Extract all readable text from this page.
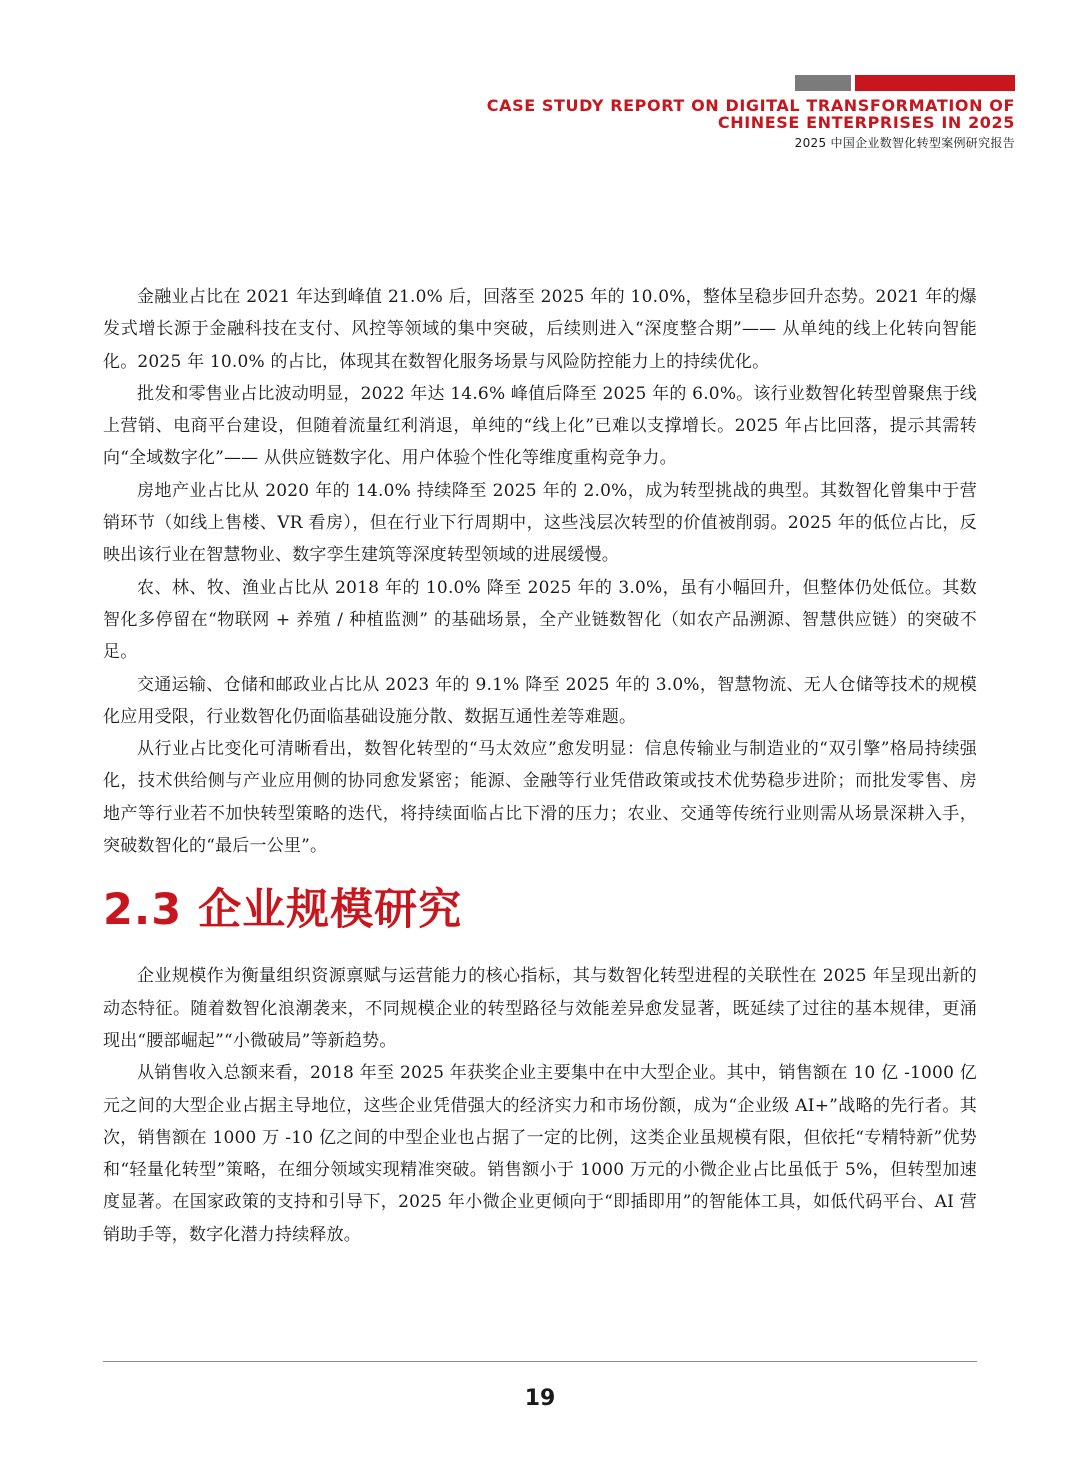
CASE STUDY REPORT ON DIGITAL TRANSFORMATION OF
CHINESE ENTERPRISES IN 2025
2025 中国企业数智化转型案例研究报告

金融业占比在 2021 年达到峰值 21.0% 后，回落至 2025 年的 10.0%，整体呈稳步回升态势。2021 年的爆发式增长源于金融科技在支付、风控等领域的集中突破，后续则进入“深度整合期”—— 从单纯的线上化转向智能化。2025 年 10.0% 的占比，体现其在数智化服务场景与风险防控能力上的持续优化。

批发和零售业占比波动明显，2022 年达 14.6% 峰值后降至 2025 年的 6.0%。该行业数智化转型曾聚焦于线上营销、电商平台建设，但随着流量红利消退，单纯的“线上化”已难以支撑增长。2025 年占比回落，提示其需转向“全域数字化”—— 从供应链数字化、用户体验个性化等维度重构竞争力。

房地产业占比从 2020 年的 14.0% 持续降至 2025 年的 2.0%，成为转型挑战的典型。其数智化曾集中于营销环节（如线上售楼、VR 看房），但在行业下行周期中，这些浅层次转型的价值被削弱。2025 年的低位占比，反映出该行业在智慧物业、数字孪生建筑等深度转型领域的进展缓慢。

农、林、牧、渔业占比从 2018 年的 10.0% 降至 2025 年的 3.0%，虽有小幅回升，但整体仍处低位。其数智化多停留在“物联网 + 养殖 / 种植监测” 的基础场景，全产业链数智化（如农产品溯源、智慧供应链）的突破不足。

交通运输、仓储和邮政业占比从 2023 年的 9.1% 降至 2025 年的 3.0%，智慧物流、无人仓储等技术的规模化应用受限，行业数智化仍面临基础设施分散、数据互通性差等难题。

从行业占比变化可清晰看出，数智化转型的“马太效应”愈发明显：信息传输业与制造业的“双引擎”格局持续强化，技术供给侧与产业应用侧的协同愈发紧密；能源、金融等行业凭借政策或技术优势稳步进阶；而批发零售、房地产等行业若不加快转型策略的迭代，将持续面临占比下滑的压力；农业、交通等传统行业则需从场景深耕入手，突破数智化的“最后一公里”。

2.3 企业规模研究

企业规模作为衡量组织资源禀赋与运营能力的核心指标，其与数智化转型进程的关联性在 2025 年呈现出新的动态特征。随着数智化浪潮袭来，不同规模企业的转型路径与效能差异愈发显著，既延续了过往的基本规律，更涌现出“腰部崛起”“小微破局”等新趋势。

从销售收入总额来看，2018 年至 2025 年获奖企业主要集中在中大型企业。其中，销售额在 10 亿 -1000 亿元之间的大型企业占据主导地位，这些企业凭借强大的经济实力和市场份额，成为“企业级 AI+”战略的先行者。其次，销售额在 1000 万 -10 亿之间的中型企业也占据了一定的比例，这类企业虽规模有限，但依托“专精特新”优势和“轻量化转型”策略，在细分领域实现精准突破。销售额小于 1000 万元的小微企业占比虽低于 5%，但转型加速度显著。在国家政策的支持和引导下，2025 年小微企业更倾向于“即插即用”的智能体工具，如低代码平台、AI 营销助手等，数字化潜力持续释放。

19
